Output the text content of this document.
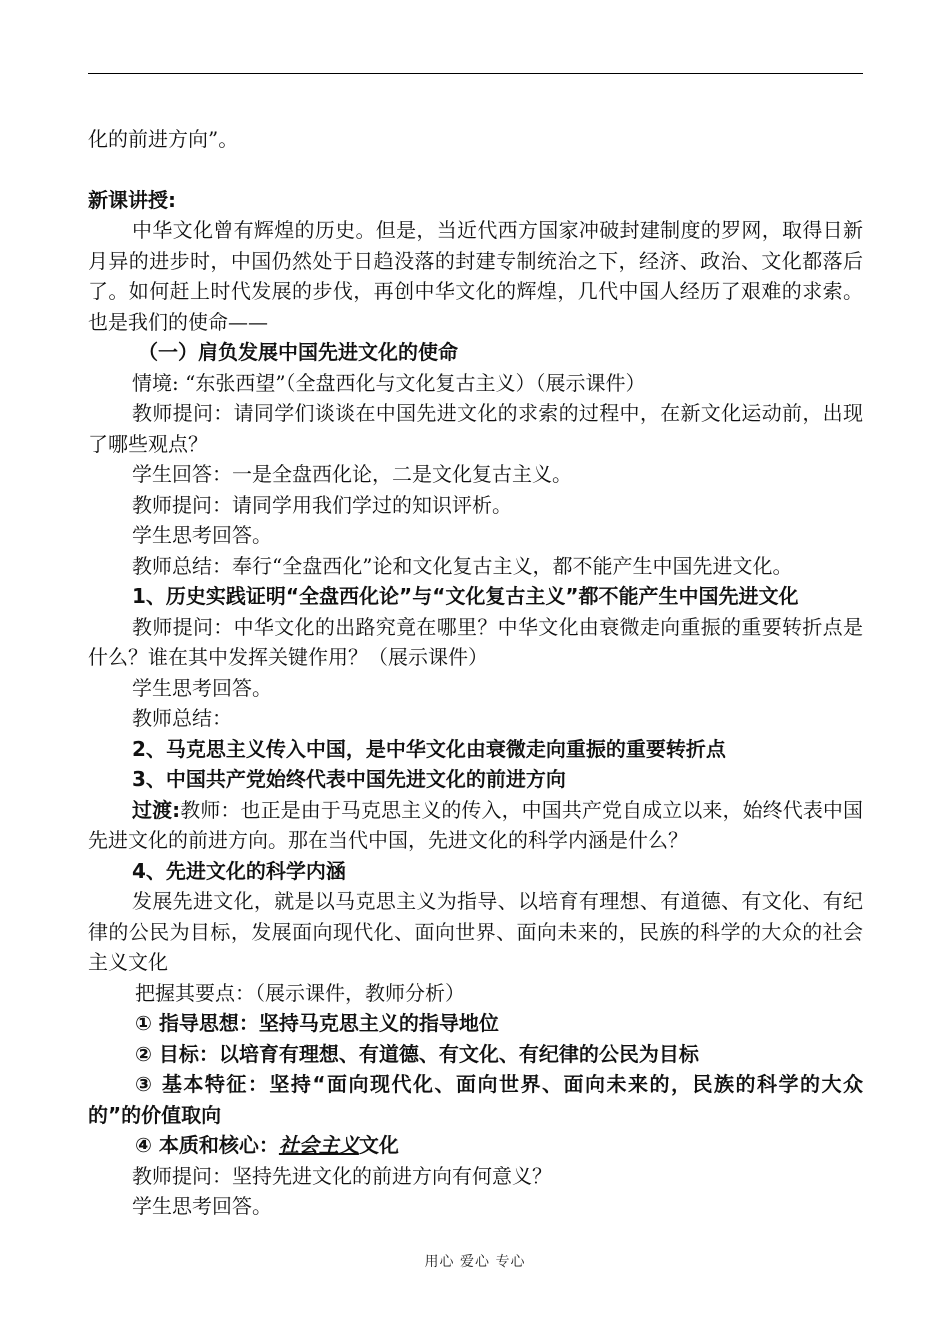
化的前进方向”。

新课讲授:

中华文化曾有辉煌的历史。但是，当近代西方国家冲破封建制度的罗网，取得日新月异的进步时，中国仍然处于日趋没落的封建专制统治之下，经济、政治、文化都落后了。如何赶上时代发展的步伐，再创中华文化的辉煌，几代中国人经历了艰难的求索。也是我们的使命——

（一）肩负发展中国先进文化的使命

情境: “东张西望”（全盘西化与文化复古主义）（展示课件）

教师提问：请同学们谈谈在中国先进文化的求索的过程中，在新文化运动前，出现了哪些观点？

学生回答：一是全盘西化论，二是文化复古主义。

教师提问：请同学用我们学过的知识评析。

学生思考回答。

教师总结：奉行“全盘西化”论和文化复古主义，都不能产生中国先进文化。

1、历史实践证明“全盘西化论”与“文化复古主义”都不能产生中国先进文化

教师提问：中华文化的出路究竟在哪里？中华文化由衰微走向重振的重要转折点是什么？谁在其中发挥关键作用？（展示课件）

学生思考回答。

教师总结：

2、马克思主义传入中国，是中华文化由衰微走向重振的重要转折点

3、中国共产党始终代表中国先进文化的前进方向

过渡:教师：也正是由于马克思主义的传入，中国共产党自成立以来，始终代表中国先进文化的前进方向。那在当代中国，先进文化的科学内涵是什么？

4、先进文化的科学内涵

发展先进文化，就是以马克思主义为指导、以培育有理想、有道德、有文化、有纪律的公民为目标，发展面向现代化、面向世界、面向未来的，民族的科学的大众的社会主义文化

把握其要点：（展示课件，教师分析）

① 指导思想：坚持马克思主义的指导地位

② 目标：以培育有理想、有道德、有文化、有纪律的公民为目标

③ 基本特征：坚持“面向现代化、面向世界、面向未来的，民族的科学的大众的”的价值取向

④ 本质和核心：社会主义文化

教师提问：坚持先进文化的前进方向有何意义？

学生思考回答。

用心 爱心 专心
